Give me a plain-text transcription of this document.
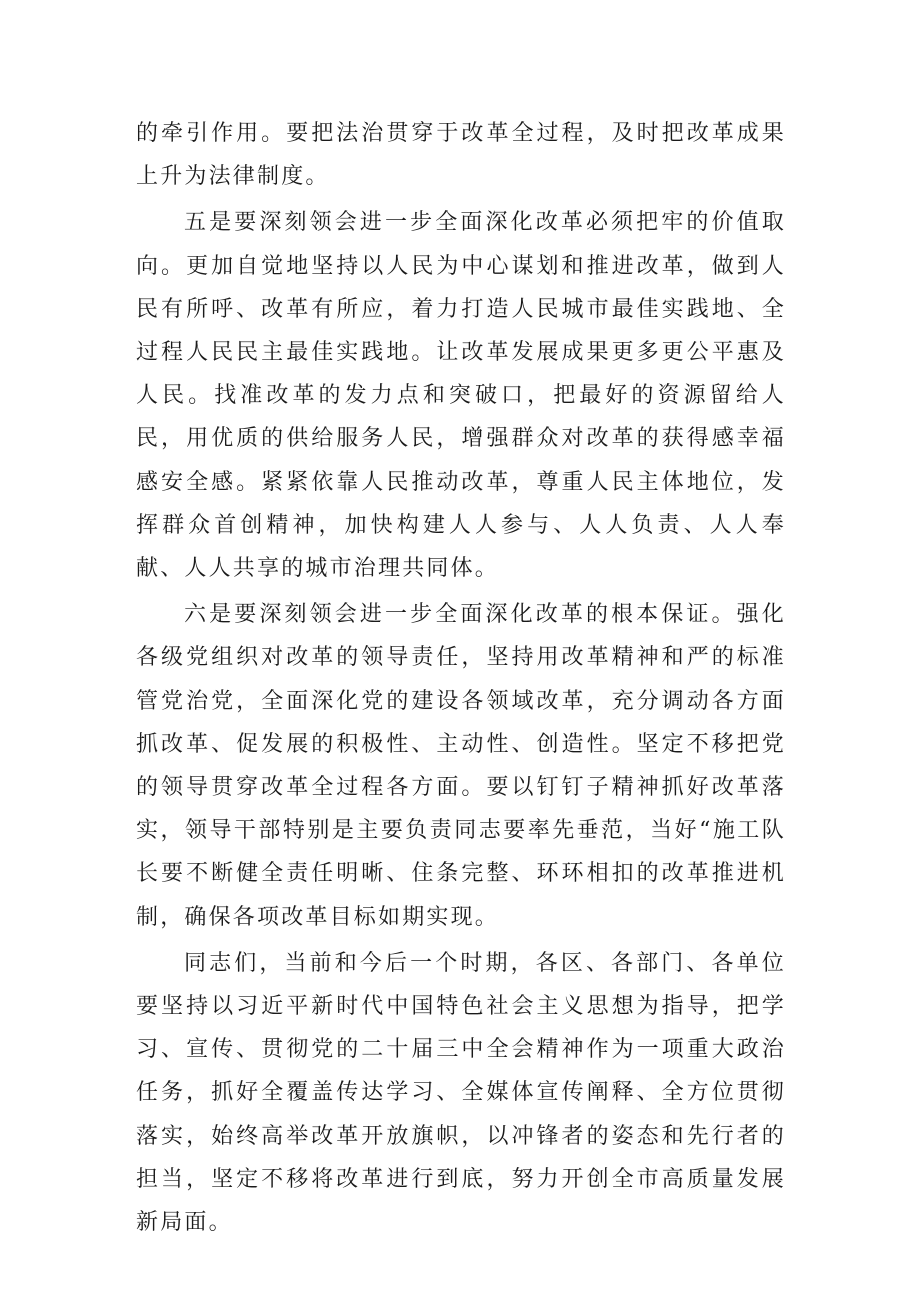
的牵引作用。要把法治贯穿于改革全过程，及时把改革成果上升为法律制度。

五是要深刻领会进一步全面深化改革必须把牢的价值取向。更加自觉地坚持以人民为中心谋划和推进改革，做到人民有所呼、改革有所应，着力打造人民城市最佳实践地、全过程人民民主最佳实践地。让改革发展成果更多更公平惠及人民。找准改革的发力点和突破口，把最好的资源留给人民，用优质的供给服务人民，增强群众对改革的获得感幸福感安全感。紧紧依靠人民推动改革，尊重人民主体地位，发挥群众首创精神，加快构建人人参与、人人负责、人人奉献、人人共享的城市治理共同体。

六是要深刻领会进一步全面深化改革的根本保证。强化各级党组织对改革的领导责任，坚持用改革精神和严的标准管党治党，全面深化党的建设各领域改革，充分调动各方面抓改革、促发展的积极性、主动性、创造性。坚定不移把党的领导贯穿改革全过程各方面。要以钉钉子精神抓好改革落实，领导干部特别是主要负责同志要率先垂范，当好“施工队长要不断健全责任明晰、住条完整、环环相扣的改革推进机制，确保各项改革目标如期实现。

同志们，当前和今后一个时期，各区、各部门、各单位要坚持以习近平新时代中国特色社会主义思想为指导，把学习、宣传、贯彻党的二十届三中全会精神作为一项重大政治任务，抓好全覆盖传达学习、全媒体宣传阐释、全方位贯彻落实，始终高举改革开放旗帜，以冲锋者的姿态和先行者的担当，坚定不移将改革进行到底，努力开创全市高质量发展新局面。
